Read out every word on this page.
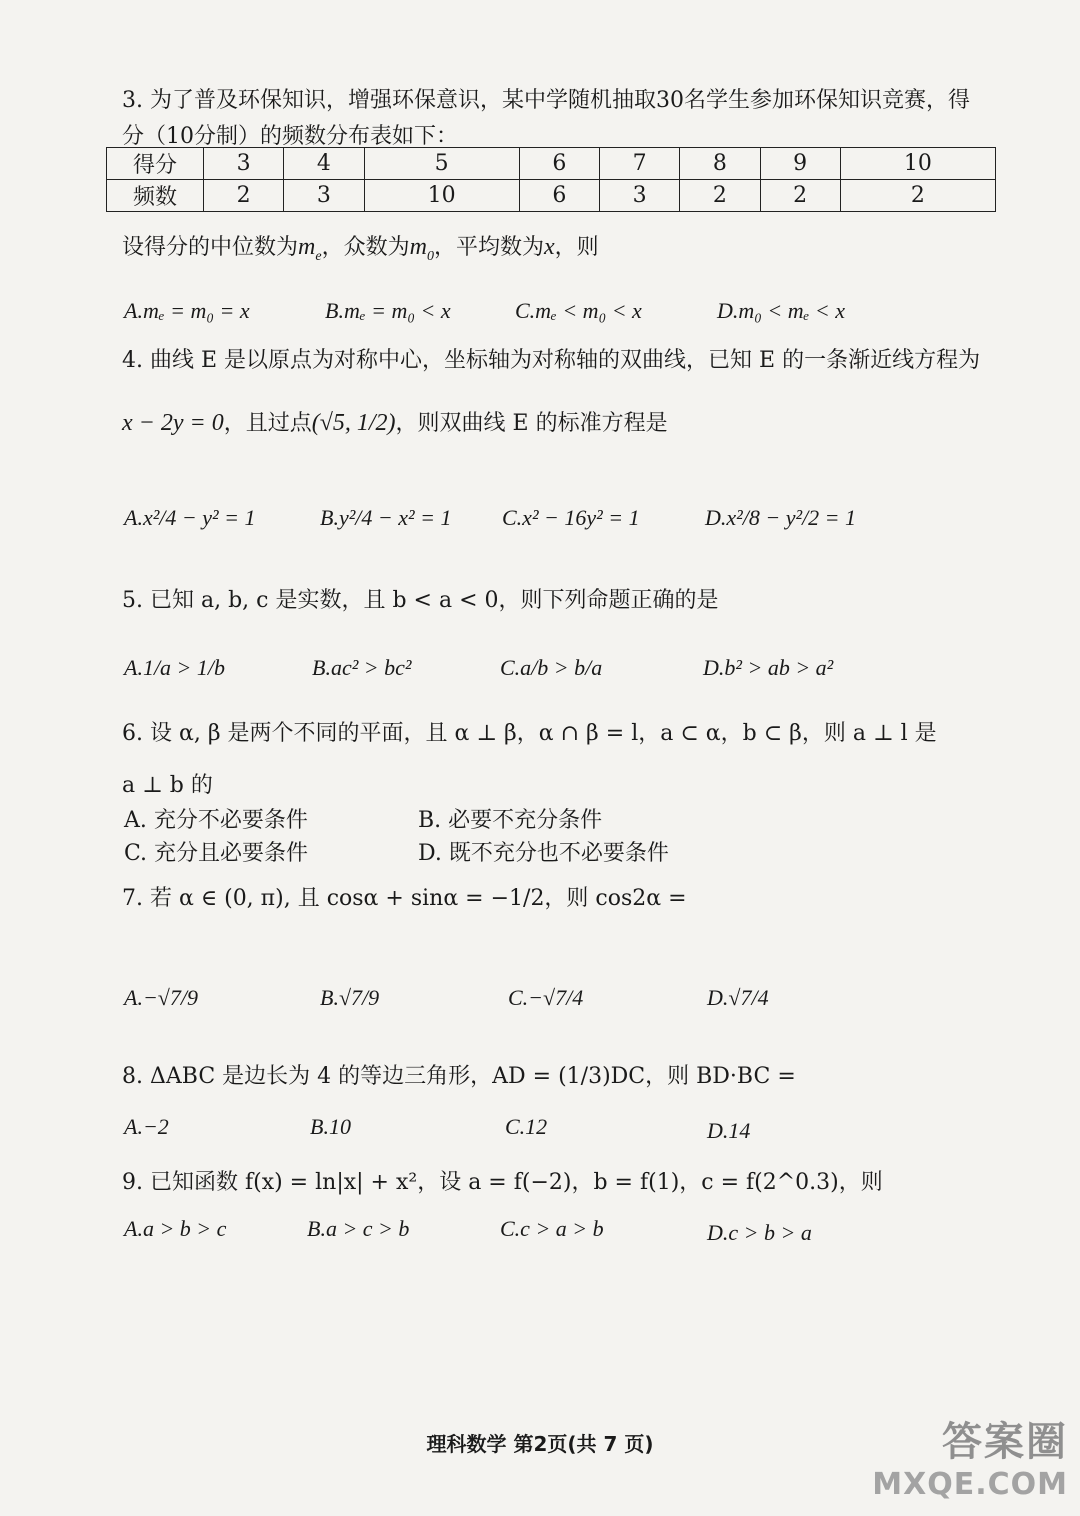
3. 为了普及环保知识，增强环保意识，某中学随机抽取30名学生参加环保知识竞赛，得
分（10分制）的频数分布表如下：
得分	3	4	5	6	7	8	9	10
频数	2	3	10	6	3	2	2	2
设得分的中位数为$m_e$，众数为$m_0$，平均数为x，则
A.mₑ = m₀ = x	B.mₑ = m₀ < x	C.mₑ < m₀ < x	D.m₀ < mₑ < x
4. 曲线 E 是以原点为对称中心，坐标轴为对称轴的双曲线，已知 E 的一条渐近线方程为
x − 2y = 0，且过点(√5, 1/2)，则双曲线 E 的标准方程是
A.x²/4 − y² = 1	B.y²/4 − x² = 1 C.x² − 16y² = 1	D.x²/8 − y²/2 = 1
5. 已知 a, b, c 是实数，且 b < a < 0，则下列命题正确的是
A.1/a > 1/b	B.ac² > bc²	C.a/b > b/a	D.b² > ab > a²
6. 设 α, β 是两个不同的平面，且 α ⊥ β，α ∩ β = l，a ⊂ α，b ⊂ β，则 a ⊥ l 是
a ⊥ b 的
A. 充分不必要条件	B. 必要不充分条件
C. 充分且必要条件	D. 既不充分也不必要条件
7. 若 α ∈ (0, π), 且 cosα + sinα = −1/2，则 cos2α =
A.−√7/9	B.√7/9	C.−√7/4	D.√7/4
8. ΔABC 是边长为 4 的等边三角形，AD = (1/3)DC，则 BD·BC =
A.−2	B.10	C.12	D.14
9. 已知函数 f(x) = ln|x| + x²，设 a = f(−2)，b = f(1)，c = f(2^0.3)，则
A.a > b > c	B.a > c > b	C.c > a > b	D.c > b > a
理科数学 第2页(共 7 页)	答案圈
MXQE.COM
